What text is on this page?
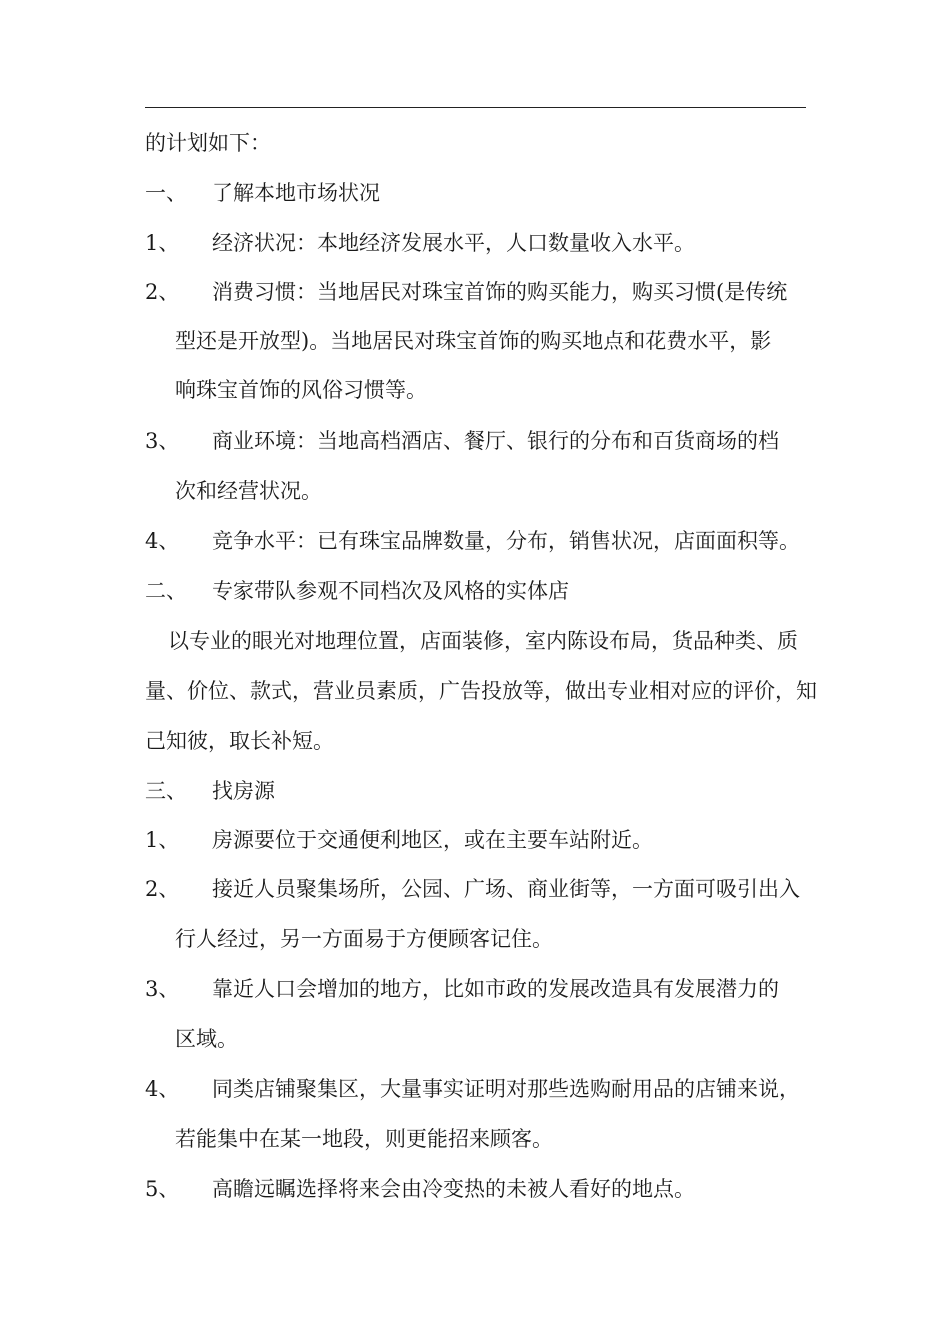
的计划如下：
一、 了解本地市场状况
1、 经济状况：本地经济发展水平，人口数量收入水平。
2、 消费习惯：当地居民对珠宝首饰的购买能力，购买习惯(是传统
型还是开放型)。当地居民对珠宝首饰的购买地点和花费水平，影
响珠宝首饰的风俗习惯等。
3、 商业环境：当地高档酒店、餐厅、银行的分布和百货商场的档
次和经营状况。
4、 竞争水平：已有珠宝品牌数量，分布，销售状况，店面面积等。
二、 专家带队参观不同档次及风格的实体店
以专业的眼光对地理位置，店面装修，室内陈设布局，货品种类、质
量、价位、款式，营业员素质，广告投放等，做出专业相对应的评价，知
己知彼，取长补短。
三、 找房源
1、 房源要位于交通便利地区，或在主要车站附近。
2、 接近人员聚集场所，公园、广场、商业街等，一方面可吸引出入
行人经过，另一方面易于方便顾客记住。
3、 靠近人口会增加的地方，比如市政的发展改造具有发展潜力的
区域。
4、 同类店铺聚集区，大量事实证明对那些选购耐用品的店铺来说，
若能集中在某一地段，则更能招来顾客。
5、 高瞻远瞩选择将来会由冷变热的未被人看好的地点。
